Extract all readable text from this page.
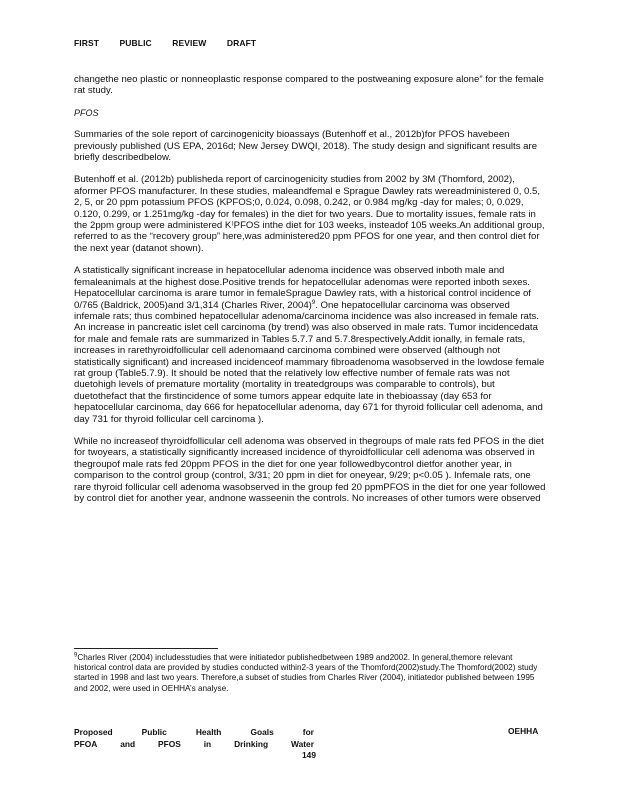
FIRST PUBLIC REVIEW DRAFT

changethe neo plastic or nonneoplastic response compared to the postweaning exposure alone” for the female rat study.

PFOS

Summaries of the sole report of carcinogenicity bioassays (Butenhoff et al., 2012b)for PFOS havebeen previously published (US EPA, 2016d; New Jersey DWQI, 2018). The study design and significant results are briefly describedbelow.

Butenhoff et al. (2012b) publisheda report of carcinogenicity studies from 2002 by 3M (Thomford, 2002), aformer PFOS manufacturer. In these studies, maleandfemal e Sprague Dawley rats wereadministered 0, 0.5, 2, 5, or 20 ppm potassium PFOS (KPFOS;0, 0.024, 0.098, 0.242, or 0.984 mg/kg -day for males; 0, 0.029, 0.120, 0.299, or 1.251mg/kg -day for females) in the diet for two years. Due to mortality issues, female rats in the 2ppm group were administered K⁾PFOS inthe diet for 103 weeks, insteadof 105 weeks.An additional group, referred to as the “recovery group” here,was administered20 ppm PFOS for one year, and then control diet for the next year (datanot shown).

A statistically significant increase in hepatocellular adenoma incidence was observed inboth male and femaleanimals at the highest dose.Positive trends for hepatocellular adenomas were reported inboth sexes. Hepatocellular carcinoma is arare tumor in femaleSprague Dawley rats, with a historical control incidence of 0/765 (Baldrick, 2005)and 3/1,314 (Charles River, 2004)$^9$. One hepatocellular carcinoma was observed infemale rats; thus combined hepatocellular adenoma/carcinoma incidence was also increased in female rats. An increase in pancreatic islet cell carcinoma (by trend) was also observed in male rats. Tumor incidencedata for male and female rats are summarized in Tables 5.7.7 and 5.7.8respectively.Addit ionally, in female rats, increases in rarethyroidfollicular cell adenomaand carcinoma combined were observed (although not statistically significant) and increased incidenceof mammary fibroadenoma wasobserved in the lowdose female rat group (Table5.7.9). It should be noted that the relatively low effective number of female rats was not duetohigh levels of premature mortality (mortality in treatedgroups was comparable to controls), but duetothefact that the firstincidence of some tumors appear edquite late in thebioassay (day 653 for hepatocellular carcinoma, day 666 for hepatocellular adenoma, day 671 for thyroid follicular cell adenoma, and day 731 for thyroid follicular cell carcinoma ).

While no increaseof thyroidfollicular cell adenoma was observed in thegroups of male rats fed PFOS in the diet for twoyears, a statistically significantly increased incidence of thyroidfollicular cell adenoma was observed in thegroupof male rats fed 20ppm PFOS in the diet for one year followedbycontrol dietfor another year, in comparison to the control group (control, 3/31; 20 ppm in diet for oneyear, 9/29; p<0.05 ). Infemale rats, one rare thyroid follicular cell adenoma wasobserved in the group fed 20 ppmPFOS in the diet for one year followed by control diet for another year, andnone wasseenin the controls. No increases of other tumors were observed

$^9$Charles River (2004) includesstudies that were initiatedor publishedbetween 1989 and2002. In general,themore relevant historical control data are provided by studies conducted within2-3 years of the Thomford(2002)study.The Thomford(2002) study started in 1998 and last two years. Therefore,a subset of studies from Charles River (2004), initiatedor published between 1995 and 2002, were used in OEHHA’s analyse.
Proposed	Public	Health	Goals	for
PFOA	and	PFOS	in	Drinking	Water
OEHHA
149
